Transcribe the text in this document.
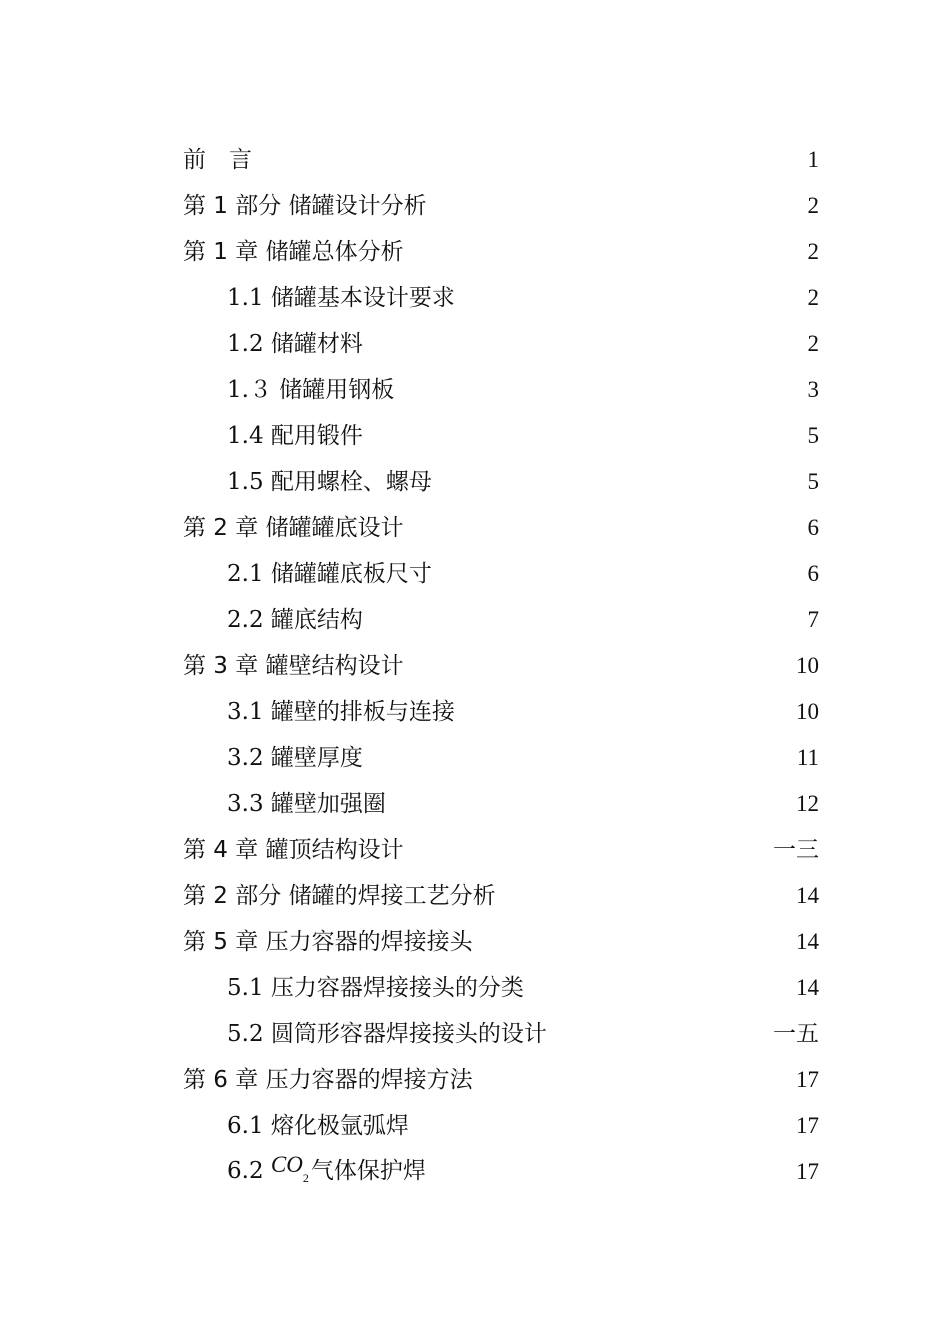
前　言	1
第 1 部分 储罐设计分析	2
第 1 章 储罐总体分析	2
1.1 储罐基本设计要求	2
1.2 储罐材料	2
1.３ 储罐用钢板	3
1.4 配用锻件	5
1.5 配用螺栓、螺母	5
第 2 章 储罐罐底设计	6
2.1 储罐罐底板尺寸	6
2.2 罐底结构	7
第 3 章 罐壁结构设计	10
3.1 罐壁的排板与连接	10
3.2 罐壁厚度	11
3.3 罐壁加强圈	12
第 4 章 罐顶结构设计	一三
第 2 部分 储罐的焊接工艺分析	14
第 5 章 压力容器的焊接接头	14
5.1 压力容器焊接接头的分类	14
5.2 圆筒形容器焊接接头的设计	一五
第 6 章 压力容器的焊接方法	17
6.1 熔化极氩弧焊	17
6.2 $CO_2$气体保护焊	17
